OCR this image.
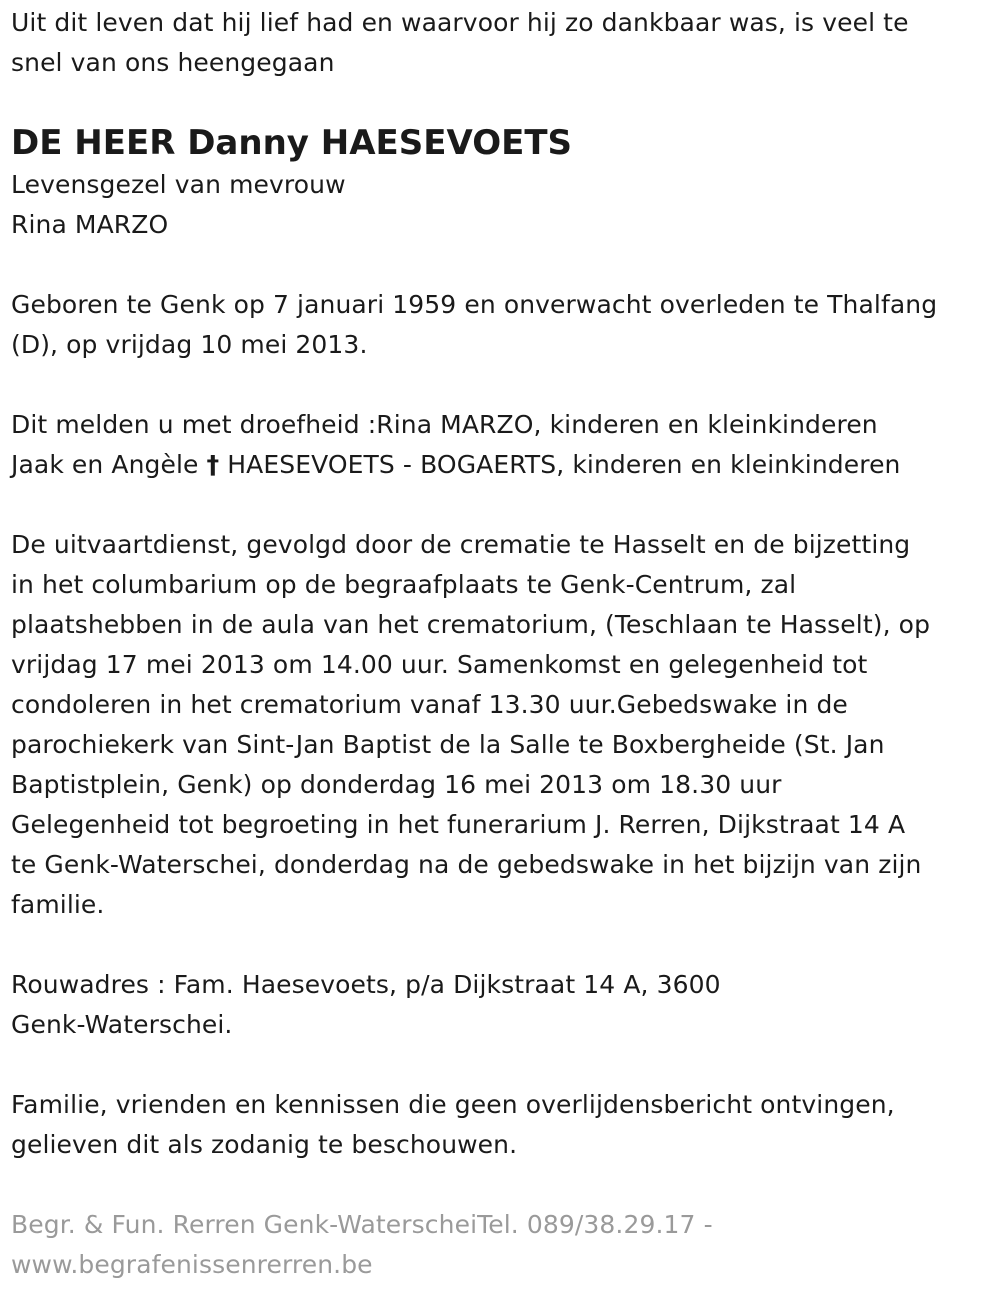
Uit dit leven dat hij lief had en waarvoor hij zo dankbaar was, is veel te
snel van ons heengegaan
DE HEER Danny HAESEVOETS
Levensgezel van mevrouw
Rina MARZO
Geboren te Genk op 7 januari 1959 en onverwacht overleden te Thalfang
(D), op vrijdag 10 mei 2013.
Dit melden u met droefheid :Rina MARZO, kinderen en kleinkinderen
Jaak en Angèle † HAESEVOETS - BOGAERTS, kinderen en kleinkinderen
De uitvaartdienst, gevolgd door de crematie te Hasselt en de bijzetting
in het columbarium op de begraafplaats te Genk-Centrum, zal
plaatshebben in de aula van het crematorium, (Teschlaan te Hasselt), op
vrijdag 17 mei 2013 om 14.00 uur. Samenkomst en gelegenheid tot
condoleren in het crematorium vanaf 13.30 uur.Gebedswake in de
parochiekerk van Sint-Jan Baptist de la Salle te Boxbergheide (St. Jan
Baptistplein, Genk) op donderdag 16 mei 2013 om 18.30 uur
Gelegenheid tot begroeting in het funerarium J. Rerren, Dijkstraat 14 A
te Genk-Waterschei, donderdag na de gebedswake in het bijzijn van zijn
familie.
Rouwadres : Fam. Haesevoets, p/a Dijkstraat 14 A, 3600
Genk-Waterschei.
Familie, vrienden en kennissen die geen overlijdensbericht ontvingen,
gelieven dit als zodanig te beschouwen.
Begr. & Fun. Rerren Genk-WaterscheiTel. 089/38.29.17 -
www.begrafenissenrerren.be
